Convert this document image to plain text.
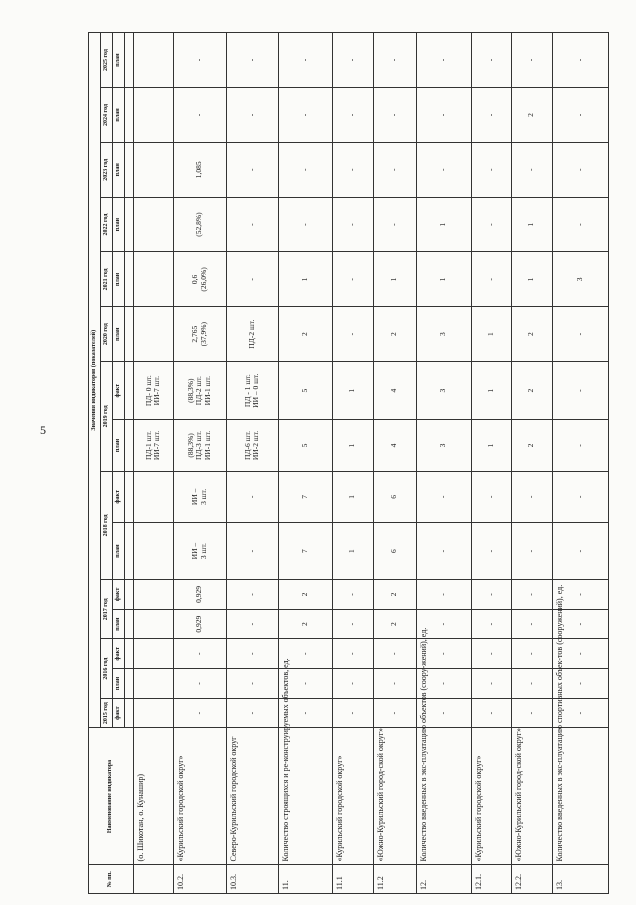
5
№ пп.	Наименование индикатора	Значения индикаторов (показателей)														

		2015 год	2016 год		2017 год		2018 год		2019 год		2020 год	2021 год	2022 год	2023 год	2024 год	2025 год

		факт	план	факт	план	факт	план	факт	план	факт	план	план	план	план	план	план

	(о. Шикотан, о. Кунашир)								ПД-1 шт. ИИ-7 шт.	ПД- 0 шт. ИИ-7 шт.						

10.2.	«Курильский городской округ»	-	-	-	0,929	0,929	ИИ – 3 шт.	ИИ – 3 шт.	(88,3%) ПД-3 шт. ИИ-1 шт.	(88,3%) ПД-2 шт. ИИ-1 шт.	2,765 (37,9%)	0,6 (26,0%)	(52,8%)	1,085	-	-

10.3.	Северо-Курильский городской округ	-	-	-	-	-	-	-	ПД-6 шт. ИИ-2 шт.	ПД - 1 шт. ИИ – 0 шт.	ПД-2 шт.	-	-	-	-	-

11.	Количество строящихся и ре-конструируемых объектов, ед.	-	-	-	2	2	7	7	5	5	2	1	-	-	-	-

11.1	«Курильский городской округ»	-	-	-	-	-	1	1	1	1	-	-	-	-	-	-

11.2	«Южно-Курильский город-ской округ»	-	-	-	2	2	6	6	4	4	2	1	-	-	-	-

12.	Количество введенных в экс-плуатацию объектов (соору-жений), ед.	-	-	-	-	-	-	-	3	3	3	1	1	-	-	-

12.1.	«Курильский городской округ»	-	-	-	-	-	-	-	1	1	1	-	-	-	-	-

12.2.	«Южно-Курильский город-ской округ»	-	-	-	-	-	-	-	2	2	2	1	1	-	2	-

13.	Количество введенных в экс-плуатацию спортивных объек-тов (сооружений), ед.	-	-	-	-	-	-	-	-	-	-	3	-	-	-	-
